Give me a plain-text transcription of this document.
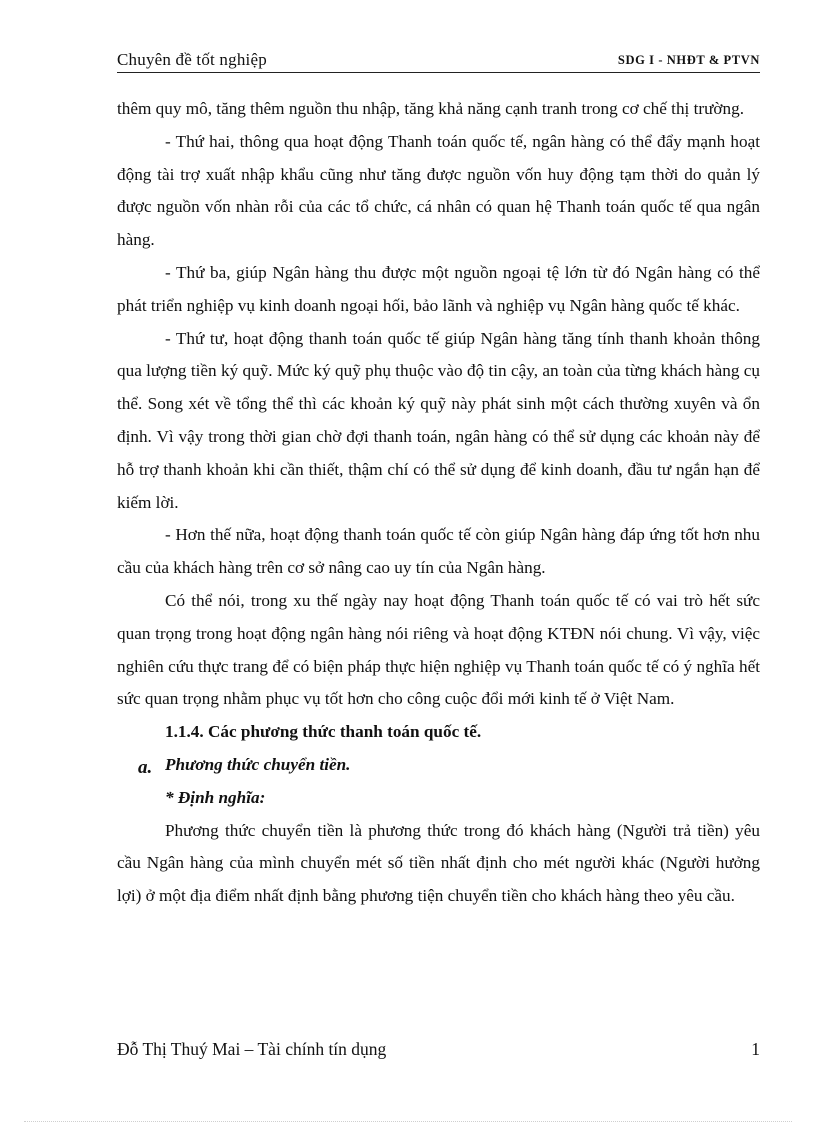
Chuyên đề tốt nghiệp	SDG I - NHĐT & PTVN

thêm quy mô, tăng thêm nguồn thu nhập, tăng khả năng cạnh tranh trong cơ chế thị trường.

- Thứ hai, thông qua hoạt động Thanh toán quốc tế, ngân hàng có thể đẩy mạnh hoạt động tài trợ xuất nhập khẩu cũng như tăng được nguồn vốn huy động tạm thời do quản lý được nguồn vốn nhàn rỗi của các tổ chức, cá nhân có quan hệ Thanh toán quốc tế qua ngân hàng.

- Thứ ba, giúp Ngân hàng thu được một nguồn ngoại tệ lớn từ đó Ngân hàng có thể phát triển nghiệp vụ kinh doanh ngoại hối, bảo lãnh và nghiệp vụ Ngân hàng quốc tế khác.

- Thứ tư, hoạt động thanh toán quốc tế giúp Ngân hàng tăng tính thanh khoản thông qua lượng tiền ký quỹ. Mức ký quỹ phụ thuộc vào độ tin cậy, an toàn của từng khách hàng cụ thể. Song xét về tổng thể thì các khoản ký quỹ này phát sinh một cách thường xuyên và ổn định. Vì vậy trong thời gian chờ đợi thanh toán, ngân hàng có thể sử dụng các khoản này để hỗ trợ thanh khoản khi cần thiết, thậm chí có thể sử dụng để kinh doanh, đầu tư ngắn hạn để kiếm lời.

- Hơn thế nữa, hoạt động thanh toán quốc tế còn giúp Ngân hàng đáp ứng tốt hơn nhu cầu của khách hàng trên cơ sở nâng cao uy tín của Ngân hàng.

Có thể nói, trong xu thế ngày nay hoạt động Thanh toán quốc tế có vai trò hết sức quan trọng trong hoạt động ngân hàng nói riêng và hoạt động KTĐN nói chung. Vì vậy, việc nghiên cứu thực trang để có biện pháp thực hiện nghiệp vụ Thanh toán quốc tế có ý nghĩa hết sức quan trọng nhằm phục vụ tốt hơn cho công cuộc đổi mới kinh tế ở Việt Nam.

1.1.4. Các phương thức thanh toán quốc tế.

a. Phương thức chuyển tiền.

* Định nghĩa:

Phương thức chuyển tiền là phương thức trong đó khách hàng (Người trả tiền) yêu cầu Ngân hàng của mình chuyển mét số tiền nhất định cho mét người khác (Người hưởng lợi) ở một địa điểm nhất định bằng phương tiện chuyển tiền cho khách hàng theo yêu cầu.

Đỗ Thị Thuý Mai – Tài chính tín dụng	1
